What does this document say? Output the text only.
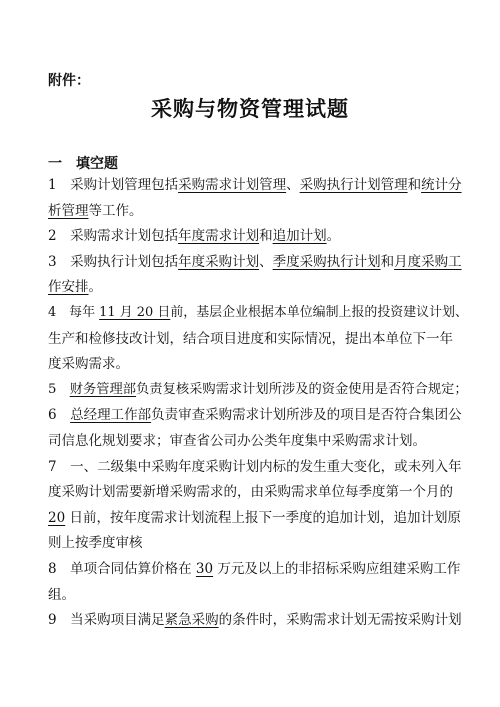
附件：
采购与物资管理试题
一 填空题
1　采购计划管理包括采购需求计划管理、采购执行计划管理和统计分
析管理等工作。
2　采购需求计划包括年度需求计划和追加计划。
3　采购执行计划包括年度采购计划、季度采购执行计划和月度采购工
作安排。
4　每年 11 月 20 日前，基层企业根据本单位编制上报的投资建议计划、
生产和检修技改计划，结合项目进度和实际情况，提出本单位下一年
度采购需求。
5　财务管理部负责复核采购需求计划所涉及的资金使用是否符合规定；
6　总经理工作部负责审查采购需求计划所涉及的项目是否符合集团公
司信息化规划要求；审查省公司办公类年度集中采购需求计划。
7　一、二级集中采购年度采购计划内标的发生重大变化，或未列入年
度采购计划需要新增采购需求的，由采购需求单位每季度第一个月的
20 日前，按年度需求计划流程上报下一季度的追加计划，追加计划原
则上按季度审核
8　单项合同估算价格在 30 万元及以上的非招标采购应组建采购工作
组。
9　当采购项目满足紧急采购的条件时，采购需求计划无需按采购计划
